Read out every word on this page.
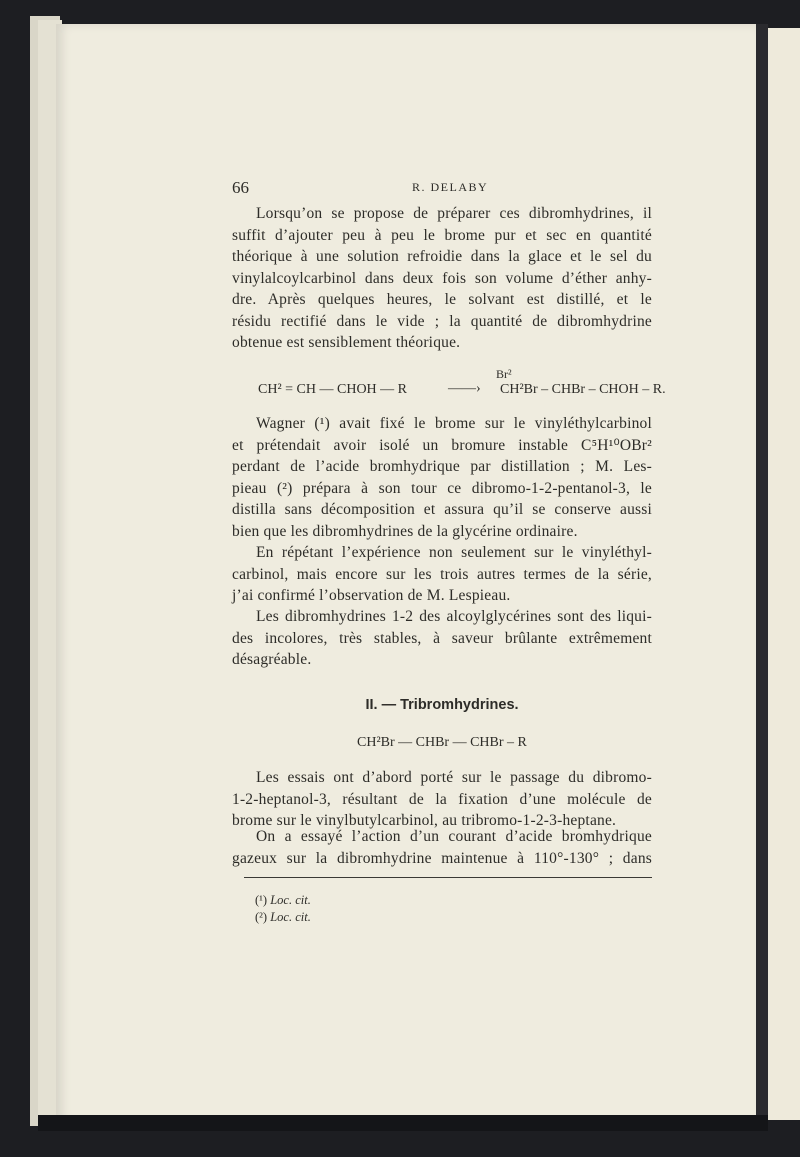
66	R. DELABY
Lorsqu’on se propose de préparer ces dibromhydrines, il
suffit d’ajouter peu à peu le brome pur et sec en quantité
théorique à une solution refroidie dans la glace et le sel du
vinylalcoylcarbinol dans deux fois son volume d’éther anhy-
dre. Après quelques heures, le solvant est distillé, et le
résidu rectifié dans le vide ; la quantité de dibromhydrine
obtenue est sensiblement théorique.
Br²
CH² = CH — CHOH — R	——› CH²Br – CHBr – CHOH – R.
Wagner (¹) avait fixé le brome sur le vinyléthylcarbinol
et prétendait avoir isolé un bromure instable C⁵H¹⁰OBr²
perdant de l’acide bromhydrique par distillation ; M. Les-
pieau (²) prépara à son tour ce dibromo-1-2-pentanol-3, le
distilla sans décomposition et assura qu’il se conserve aussi
bien que les dibromhydrines de la glycérine ordinaire.
En répétant l’expérience non seulement sur le vinyléthyl-
carbinol, mais encore sur les trois autres termes de la série,
j’ai confirmé l’observation de M. Lespieau.
Les dibromhydrines 1-2 des alcoylglycérines sont des liqui-
des incolores, très stables, à saveur brûlante extrêmement
désagréable.
II. — Tribromhydrines.
CH²Br — CHBr — CHBr – R
Les essais ont d’abord porté sur le passage du dibromo-
1-2-heptanol-3, résultant de la fixation d’une molécule de
brome sur le vinylbutylcarbinol, au tribromo-1-2-3-heptane.
On a essayé l’action d’un courant d’acide bromhydrique
gazeux sur la dibromhydrine maintenue à 110°-130° ; dans
(¹) Loc. cit.
(²) Loc. cit.
